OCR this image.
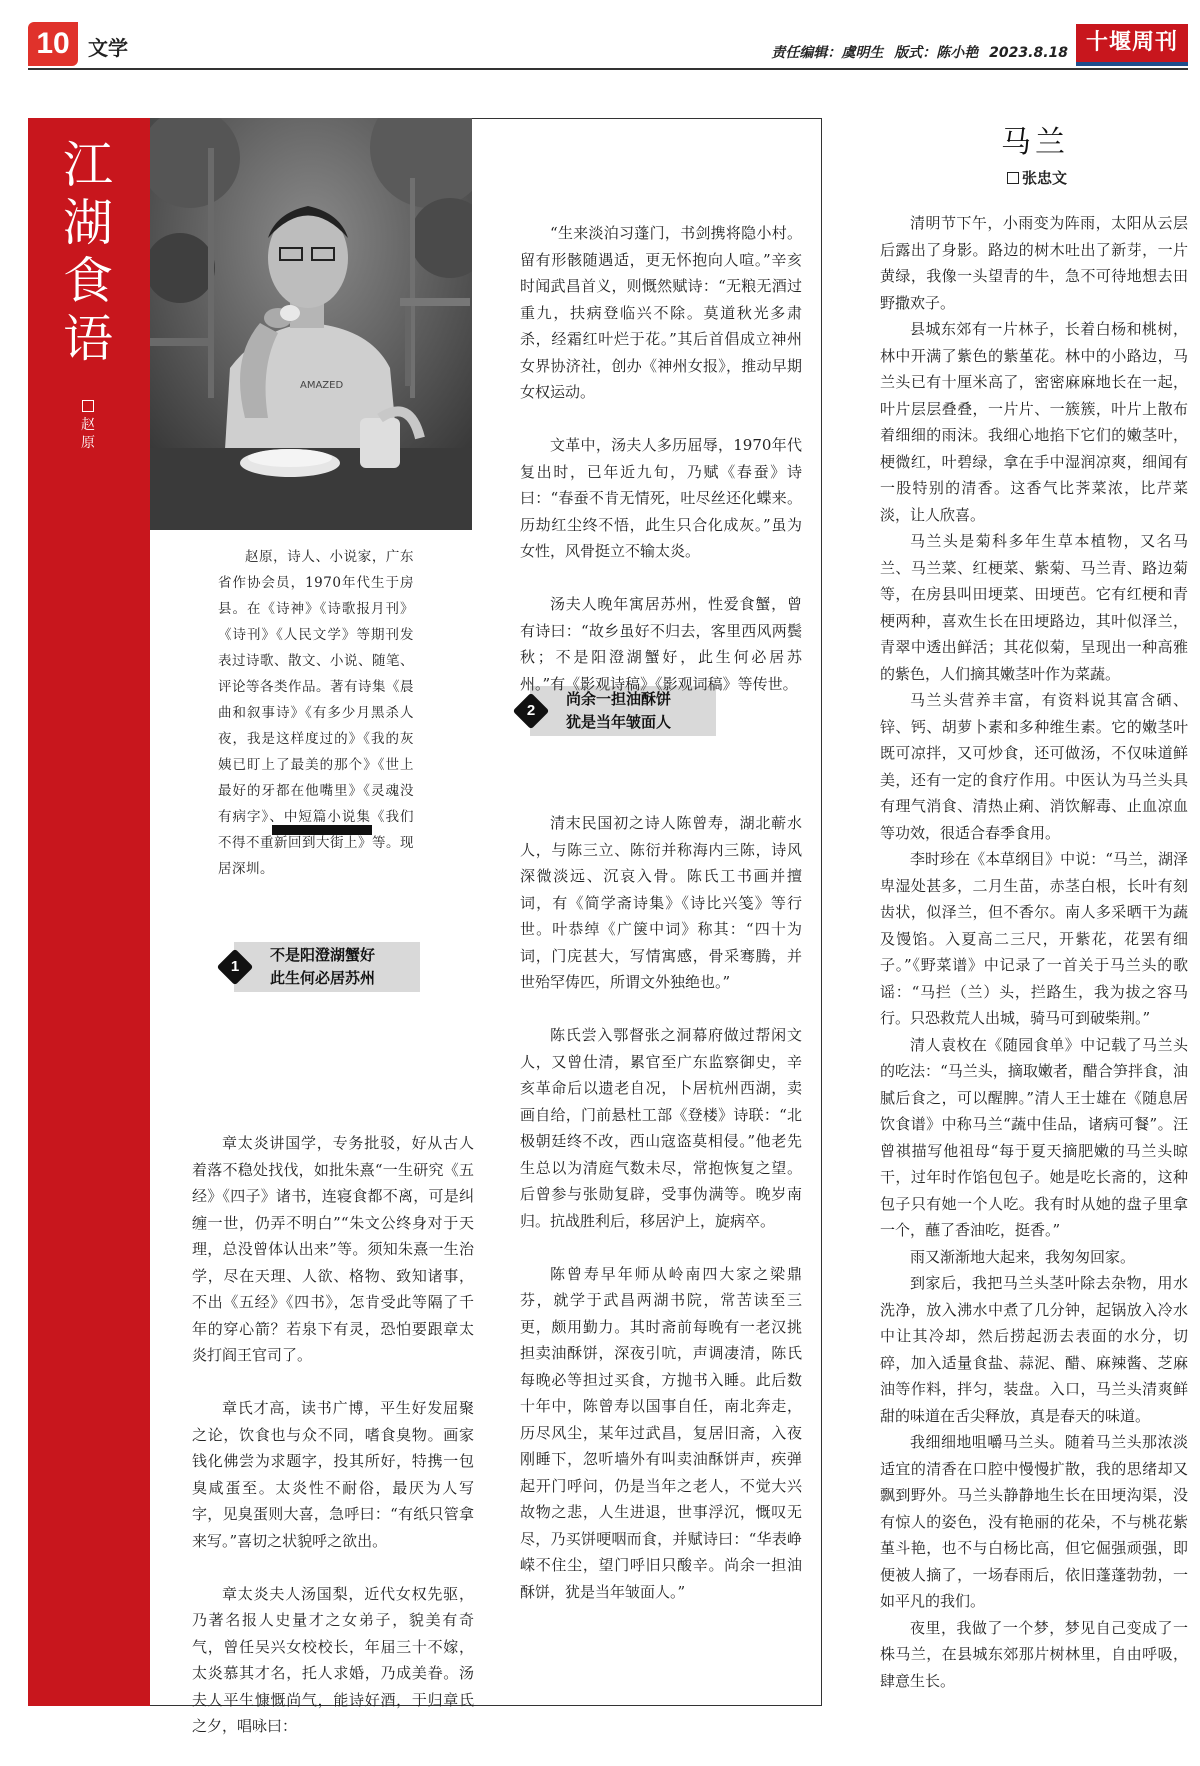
10 文学	责任编辑：虞明生 版式：陈小艳 2023.8.18 十堰周刊
江
湖
食
语
赵
原
AMAZED
赵原，诗人、小说家，广东省作协会员，1970年代生于房县。在《诗神》《诗歌报月刊》《诗刊》《人民文学》等期刊发表过诗歌、散文、小说、随笔、评论等各类作品。著有诗集《晨曲和叙事诗》《有多少月黑杀人夜，我是这样度过的》《我的灰姨已盯上了最美的那个》《世上最好的牙都在他嘴里》《灵魂没有病字》、中短篇小说集《我们不得不重新回到大街上》等。现居深圳。
1
不是阳澄湖蟹好
此生何必居苏州
2
尚余一担油酥饼
犹是当年皱面人

章太炎讲国学，专务批驳，好从古人着落不稳处找伐，如批朱熹“一生研究《五经》《四子》诸书，连寝食都不离，可是纠缠一世，仍弄不明白”“朱文公终身对于天理，总没曾体认出来”等。须知朱熹一生治学，尽在天理、人欲、格物、致知诸事，不出《五经》《四书》，怎肯受此等隔了千年的穿心箭？若泉下有灵，恐怕要跟章太炎打阎王官司了。

章氏才高，读书广博，平生好发屈聚之论，饮食也与众不同，嗜食臭物。画家钱化佛尝为求题字，投其所好，特携一包臭咸蛋至。太炎性不耐俗，最厌为人写字，见臭蛋则大喜，急呼曰：“有纸只管拿来写。”喜切之状貌呼之欲出。

章太炎夫人汤国梨，近代女权先驱，乃著名报人史量才之女弟子，貌美有奇气，曾任吴兴女校校长，年届三十不嫁，太炎慕其才名，托人求婚，乃成美眷。汤夫人平生慷慨尚气，能诗好酒，于归章氏之夕，唱咏曰：

“生来淡泊习蓬门，书剑携将隐小村。留有形骸随遇适，更无怀抱向人喧。”辛亥时闻武昌首义，则慨然赋诗：“无粮无酒过重九，扶病登临兴不除。莫道秋光多肃杀，经霜红叶烂于花。”其后首倡成立神州女界协济社，创办《神州女报》，推动早期女权运动。

文革中，汤夫人多历屈辱，1970年代复出时，已年近九旬，乃赋《春蚕》诗曰：“春蚕不肯无情死，吐尽丝还化蝶来。历劫红尘终不悟，此生只合化成灰。”虽为女性，风骨挺立不输太炎。

汤夫人晚年寓居苏州，性爱食蟹，曾有诗曰：“故乡虽好不归去，客里西风两鬓秋；不是阳澄湖蟹好，此生何必居苏州。”有《影观诗稿》《影观词稿》等传世。

清末民国初之诗人陈曾寿，湖北蕲水人，与陈三立、陈衍并称海内三陈，诗风深微淡远、沉哀入骨。陈氏工书画并擅词，有《简学斋诗集》《诗比兴笺》等行世。叶恭绰《广箧中词》称其：“四十为词，门庑甚大，写情寓感，骨采骞腾，并世殆罕俦匹，所谓文外独绝也。”

陈氏尝入鄂督张之洞幕府做过帮闲文人，又曾仕清，累官至广东监察御史，辛亥革命后以遗老自况，卜居杭州西湖，卖画自给，门前悬杜工部《登楼》诗联：“北极朝廷终不改，西山寇盗莫相侵。”他老先生总以为清庭气数未尽，常抱恢复之望。后曾参与张勋复辟，受事伪满等。晚岁南归。抗战胜利后，移居沪上，旋病卒。

陈曾寿早年师从岭南四大家之梁鼎芬，就学于武昌两湖书院，常苦读至三更，颇用勤力。其时斋前每晚有一老汉挑担卖油酥饼，深夜引吭，声调凄清，陈氏每晚必等担过买食，方抛书入睡。此后数十年中，陈曾寿以国事自任，南北奔走，历尽风尘，某年过武昌，复居旧斋，入夜刚睡下，忽听墙外有叫卖油酥饼声，疾弹起开门呼问，仍是当年之老人，不觉大兴故物之悲，人生进退，世事浮沉，慨叹无尽，乃买饼哽咽而食，并赋诗曰：“华表峥嵘不住尘，望门呼旧只酸辛。尚余一担油酥饼，犹是当年皱面人。”

马兰
张忠文

清明节下午，小雨变为阵雨，太阳从云层后露出了身影。路边的树木吐出了新芽，一片黄绿，我像一头望青的牛，急不可待地想去田野撒欢子。

县城东郊有一片林子，长着白杨和桃树，林中开满了紫色的紫堇花。林中的小路边，马兰头已有十厘米高了，密密麻麻地长在一起，叶片层层叠叠，一片片、一簇簇，叶片上散布着细细的雨沫。我细心地掐下它们的嫩茎叶，梗微红，叶碧绿，拿在手中湿润凉爽，细闻有一股特别的清香。这香气比荠菜浓，比芹菜淡，让人欣喜。

马兰头是菊科多年生草本植物，又名马兰、马兰菜、红梗菜、紫菊、马兰青、路边菊等，在房县叫田埂菜、田埂芭。它有红梗和青梗两种，喜欢生长在田埂路边，其叶似泽兰，青翠中透出鲜活；其花似菊，呈现出一种高雅的紫色，人们摘其嫩茎叶作为菜蔬。

马兰头营养丰富，有资料说其富含硒、锌、钙、胡萝卜素和多种维生素。它的嫩茎叶既可凉拌，又可炒食，还可做汤，不仅味道鲜美，还有一定的食疗作用。中医认为马兰头具有理气消食、清热止痢、消饮解毒、止血凉血等功效，很适合春季食用。

李时珍在《本草纲目》中说：“马兰，湖泽卑湿处甚多，二月生苗，赤茎白根，长叶有刻齿状，似泽兰，但不香尔。南人多采晒干为蔬及馒馅。入夏高二三尺，开紫花，花罢有细子。”《野菜谱》中记录了一首关于马兰头的歌谣：“马拦（兰）头，拦路生，我为拔之容马行。只恐救荒人出城，骑马可到破柴荆。”

清人袁枚在《随园食单》中记载了马兰头的吃法：“马兰头，摘取嫩者，醋合笋拌食，油腻后食之，可以醒脾。”清人王士雄在《随息居饮食谱》中称马兰“蔬中佳品，诸病可餐”。汪曾祺描写他祖母“每于夏天摘肥嫩的马兰头晾干，过年时作馅包包子。她是吃长斋的，这种包子只有她一个人吃。我有时从她的盘子里拿一个，蘸了香油吃，挺香。”

雨又渐渐地大起来，我匆匆回家。

到家后，我把马兰头茎叶除去杂物，用水洗净，放入沸水中煮了几分钟，起锅放入冷水中让其冷却，然后捞起沥去表面的水分，切碎，加入适量食盐、蒜泥、醋、麻辣酱、芝麻油等作料，拌匀，装盘。入口，马兰头清爽鲜甜的味道在舌尖释放，真是春天的味道。

我细细地咀嚼马兰头。随着马兰头那浓淡适宜的清香在口腔中慢慢扩散，我的思绪却又飘到野外。马兰头静静地生长在田埂沟渠，没有惊人的姿色，没有艳丽的花朵，不与桃花紫堇斗艳，也不与白杨比高，但它倔强顽强，即便被人摘了，一场春雨后，依旧蓬蓬勃勃，一如平凡的我们。

夜里，我做了一个梦，梦见自己变成了一株马兰，在县城东郊那片树林里，自由呼吸，肆意生长。
